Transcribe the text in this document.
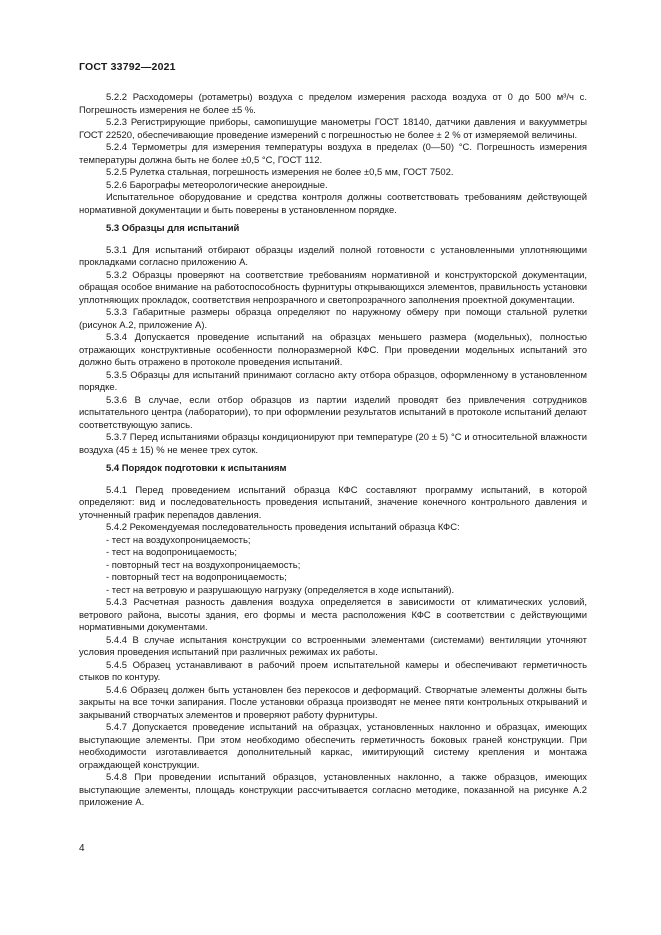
ГОСТ 33792—2021
5.2.2 Расходомеры (ротаметры) воздуха с пределом измерения расхода воздуха от 0 до 500 м³/ч с. Погрешность измерения не более ±5 %.
5.2.3 Регистрирующие приборы, самопишущие манометры ГОСТ 18140, датчики давления и вакуумметры ГОСТ 22520, обеспечивающие проведение измерений с погрешностью не более ± 2 % от измеряемой величины.
5.2.4 Термометры для измерения температуры воздуха в пределах (0—50) °С. Погрешность измерения температуры должна быть не более ±0,5 °С, ГОСТ 112.
5.2.5 Рулетка стальная, погрешность измерения не более ±0,5 мм, ГОСТ 7502.
5.2.6 Барографы метеорологические анероидные.
Испытательное оборудование и средства контроля должны соответствовать требованиям действующей нормативной документации и быть поверены в установленном порядке.
5.3 Образцы для испытаний
5.3.1 Для испытаний отбирают образцы изделий полной готовности с установленными уплотняющими прокладками согласно приложению А.
5.3.2 Образцы проверяют на соответствие требованиям нормативной и конструкторской документации, обращая особое внимание на работоспособность фурнитуры открывающихся элементов, правильность установки уплотняющих прокладок, соответствия непрозрачного и светопрозрачного заполнения проектной документации.
5.3.3 Габаритные размеры образца определяют по наружному обмеру при помощи стальной рулетки (рисунок А.2, приложение А).
5.3.4 Допускается проведение испытаний на образцах меньшего размера (модельных), полностью отражающих конструктивные особенности полноразмерной КФС. При проведении модельных испытаний это должно быть отражено в протоколе проведения испытаний.
5.3.5 Образцы для испытаний принимают согласно акту отбора образцов, оформленному в установленном порядке.
5.3.6 В случае, если отбор образцов из партии изделий проводят без привлечения сотрудников испытательного центра (лаборатории), то при оформлении результатов испытаний в протоколе испытаний делают соответствующую запись.
5.3.7 Перед испытаниями образцы кондиционируют при температуре (20 ± 5) °С и относительной влажности воздуха (45 ± 15) % не менее трех суток.
5.4 Порядок подготовки к испытаниям
5.4.1 Перед проведением испытаний образца КФС составляют программу испытаний, в которой определяют: вид и последовательность проведения испытаний, значение конечного контрольного давления и уточненный график перепадов давления.
5.4.2 Рекомендуемая последовательность проведения испытаний образца КФС:
- тест на воздухопроницаемость;
- тест на водопроницаемость;
- повторный тест на воздухопроницаемость;
- повторный тест на водопроницаемость;
- тест на ветровую и разрушающую нагрузку (определяется в ходе испытаний).
5.4.3 Расчетная разность давления воздуха определяется в зависимости от климатических условий, ветрового района, высоты здания, его формы и места расположения КФС в соответствии с действующими нормативными документами.
5.4.4 В случае испытания конструкции со встроенными элементами (системами) вентиляции уточняют условия проведения испытаний при различных режимах их работы.
5.4.5 Образец устанавливают в рабочий проем испытательной камеры и обеспечивают герметичность стыков по контуру.
5.4.6 Образец должен быть установлен без перекосов и деформаций. Створчатые элементы должны быть закрыты на все точки запирания. После установки образца производят не менее пяти контрольных открываний и закрываний створчатых элементов и проверяют работу фурнитуры.
5.4.7 Допускается проведение испытаний на образцах, установленных наклонно и образцах, имеющих выступающие элементы. При этом необходимо обеспечить герметичность боковых граней конструкции. При необходимости изготавливается дополнительный каркас, имитирующий систему крепления и монтажа ограждающей конструкции.
5.4.8 При проведении испытаний образцов, установленных наклонно, а также образцов, имеющих выступающие элементы, площадь конструкции рассчитывается согласно методике, показанной на рисунке А.2 приложение А.
4
